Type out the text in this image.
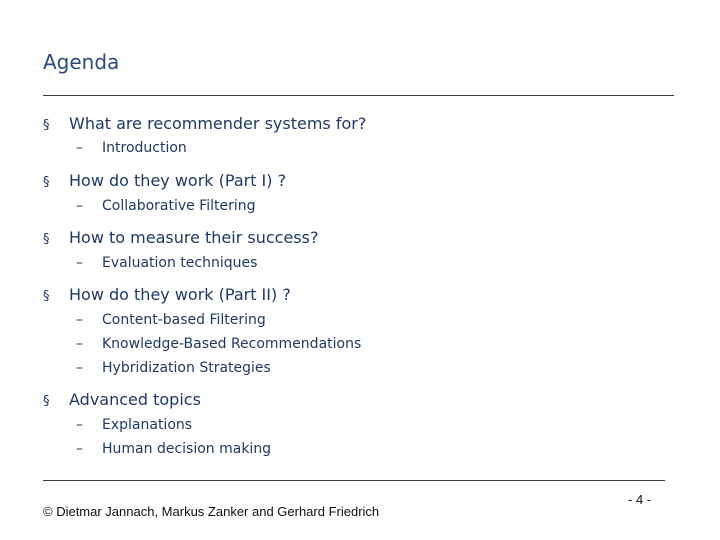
Agenda
§ What are recommender systems for?
– Introduction
§ How do they work (Part I) ?
– Collaborative Filtering
§ How to measure their success?
– Evaluation techniques
§ How do they work (Part II) ?
– Content-based Filtering
– Knowledge-Based Recommendations
– Hybridization Strategies
§ Advanced topics
– Explanations
– Human decision making
© Dietmar Jannach, Markus Zanker and Gerhard Friedrich
- 4 -
